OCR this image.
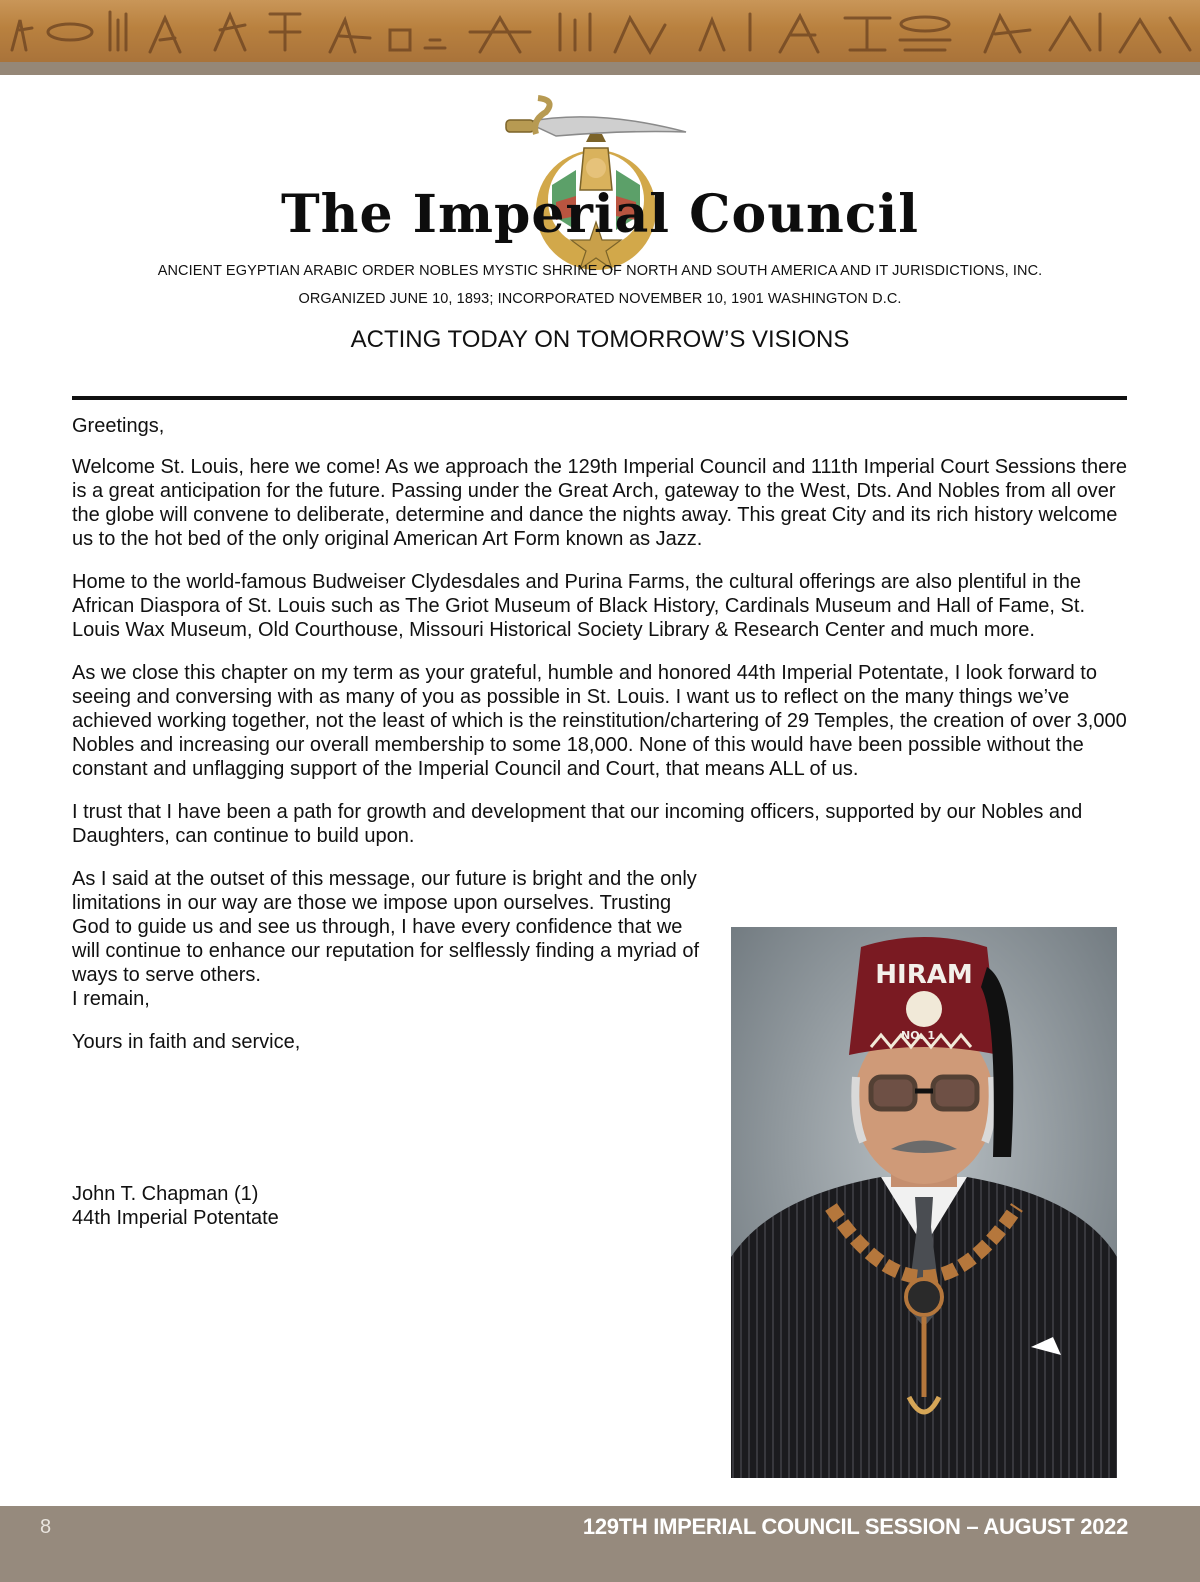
The Imperial Council
ANCIENT EGYPTIAN ARABIC ORDER NOBLES MYSTIC SHRINE OF NORTH AND SOUTH AMERICA AND IT JURISDICTIONS, INC.
ORGANIZED JUNE 10, 1893; INCORPORATED NOVEMBER 10, 1901 WASHINGTON D.C.
ACTING TODAY ON TOMORROW’S VISIONS

Greetings,

Welcome St. Louis, here we come! As we approach the 129th Imperial Council and 111th Imperial Court Sessions there is a great anticipation for the future. Passing under the Great Arch, gateway to the West, Dts. And Nobles from all over the globe will convene to deliberate, determine and dance the nights away. This great City and its rich history welcome us to the hot bed of the only original American Art Form known as Jazz.

Home to the world-famous Budweiser Clydesdales and Purina Farms, the cultural offerings are also plentiful in the African Diaspora of St. Louis such as The Griot Museum of Black History, Cardinals Museum and Hall of Fame, St. Louis Wax Museum, Old Courthouse, Missouri Historical Society Library & Research Center and much more.

As we close this chapter on my term as your grateful, humble and honored 44th Imperial Potentate, I look forward to seeing and conversing with as many of you as possible in St. Louis. I want us to reflect on the many things we’ve achieved working together, not the least of which is the reinstitution/chartering of 29 Temples, the creation of over 3,000 Nobles and increasing our overall membership to some 18,000. None of this would have been possible without the constant and unflagging support of the Imperial Council and Court, that means ALL of us.

I trust that I have been a path for growth and development that our incoming officers, supported by our Nobles and Daughters, can continue to build upon.

As I said at the outset of this message, our future is bright and the only limitations in our way are those we impose upon ourselves. Trusting God to guide us and see us through, I have every confidence that we will continue to enhance our reputation for selflessly finding a myriad of ways to serve others.

I remain,

Yours in faith and service,

John T. Chapman (1)
44th Imperial Potentate
HIRAM
NO. 1
8	129TH IMPERIAL COUNCIL SESSION – AUGUST 2022
